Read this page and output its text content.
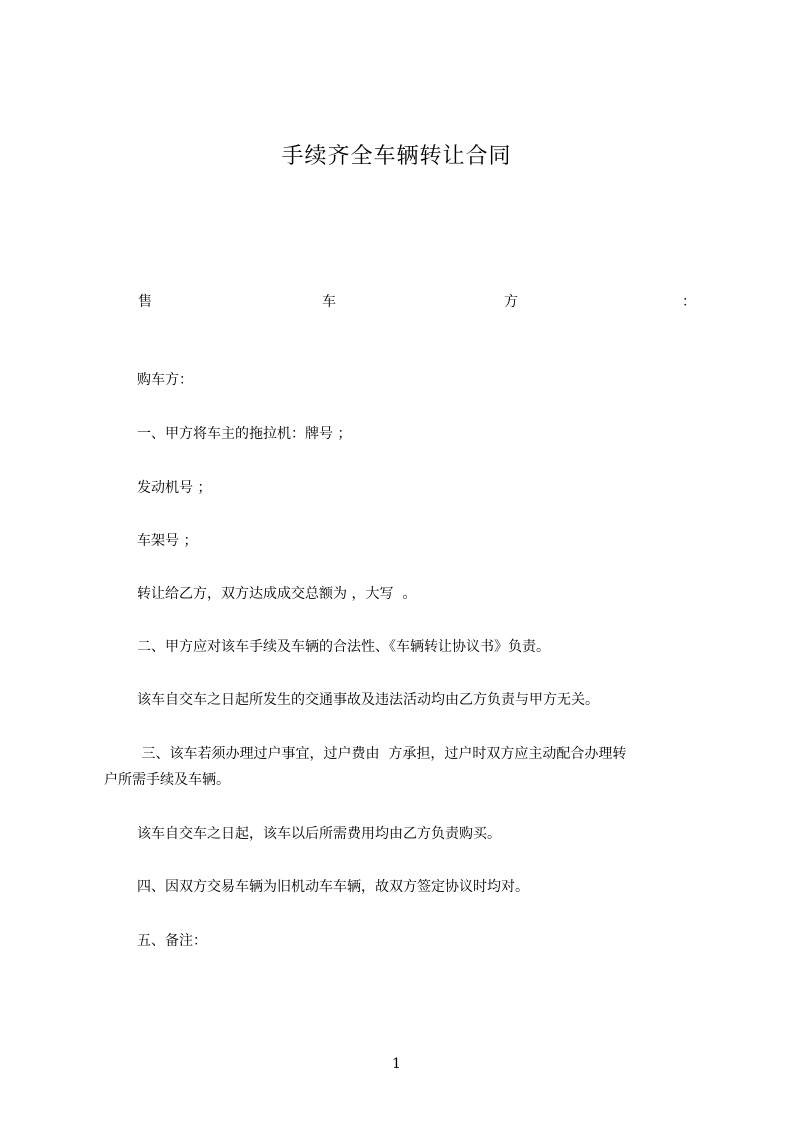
手续齐全车辆转让合同
售	车	方	：
购车方：
一、甲方将车主的拖拉机：牌号 ；
发动机号 ；
车架号 ；
转让给乙方，双方达成成交总额为 ，大写  。
二、甲方应对该车手续及车辆的合法性、《车辆转让协议书》负责。
该车自交车之日起所发生的交通事故及违法活动均由乙方负责与甲方无关。
三、该车若须办理过户事宜，过户费由  方承担，过户时双方应主动配合办理转
户所需手续及车辆。
该车自交车之日起，该车以后所需费用均由乙方负责购买。
四、因双方交易车辆为旧机动车车辆，故双方签定协议时均对。
五、备注：
1
